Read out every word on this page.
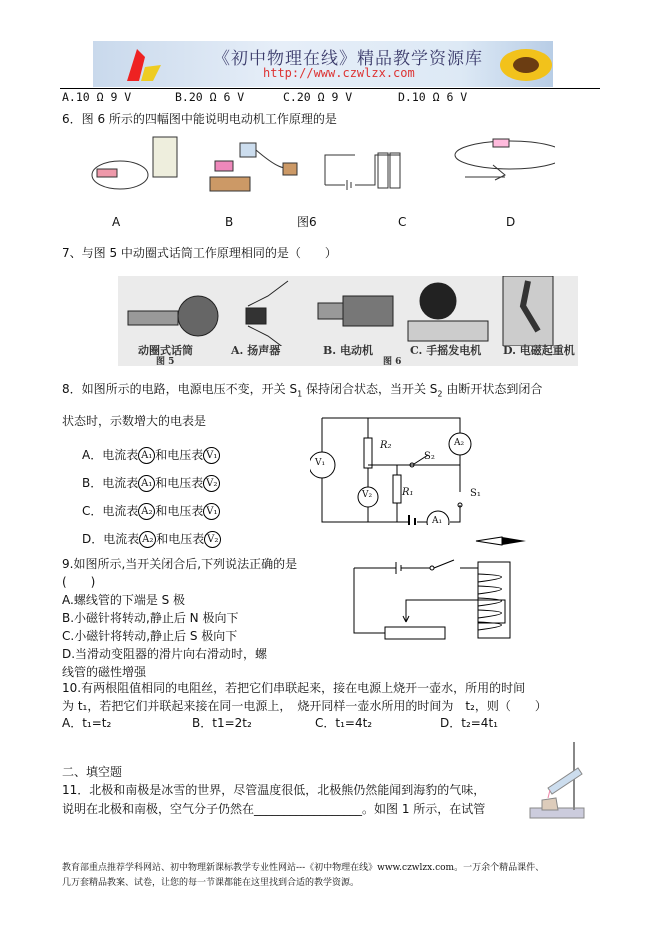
《初中物理在线》精品教学资源库
http://www.czwlzx.com
A.10 Ω 9 V	B.20 Ω 6 V	C.20 Ω 9 V	D.10 Ω 6 V
6．图 6 所示的四幅图中能说明电动机工作原理的是
A	B	图6	C	D
7、与图 5 中动圈式话筒工作原理相同的是（　　）
动圈式话筒
图 5
A. 扬声器	B. 电动机
图 6
C. 手摇发电机 D. 电磁起重机
8．如图所示的电路，电源电压不变，开关 $S_1$ 保持闭合状态，当开关 $S_2$ 由断开状态到闭合
状态时，示数增大的电表是
A．电流表 A₁ 和电压表 V₁
B．电流表 A₁ 和电压表 V₂
C．电流表 A₂ 和电压表 V₁
D．电流表 A₂ 和电压表 V₂
V₁
V₂
A₂
A₁
R₂
R₁
S₂
S₁
9.如图所示,当开关闭合后,下列说法正确的是
(　　)
A.螺线管的下端是 S 极
B.小磁针将转动,静止后 N 极向下
C.小磁针将转动,静止后 S 极向下
D.当滑动变阻器的滑片向右滑动时，螺
线管的磁性增强
10.有两根阻值相同的电阻丝，若把它们串联起来，接在电源上烧开一壶水，所用的时间
为 t₁，若把它们并联起来接在同一电源上，　烧开同样一壶水所用的时间为　t₂，则（　　）
A．t₁=t₂	B．t1=2t₂	C．t₁=4t₂	D．t₂=4t₁
二、填空题
11．北极和南极是冰雪的世界，尽管温度很低，北极熊仍然能闻到海豹的气味，
说明在北极和南极，空气分子仍然在__________________。如图 1 所示，在试管
教育部重点推荐学科网站、初中物理新课标教学专业性网站---《初中物理在线》www.czwlzx.com。一万余个精品课件、
几万套精品教案、试卷，让您的每一节课都能在这里找到合适的教学资源。
